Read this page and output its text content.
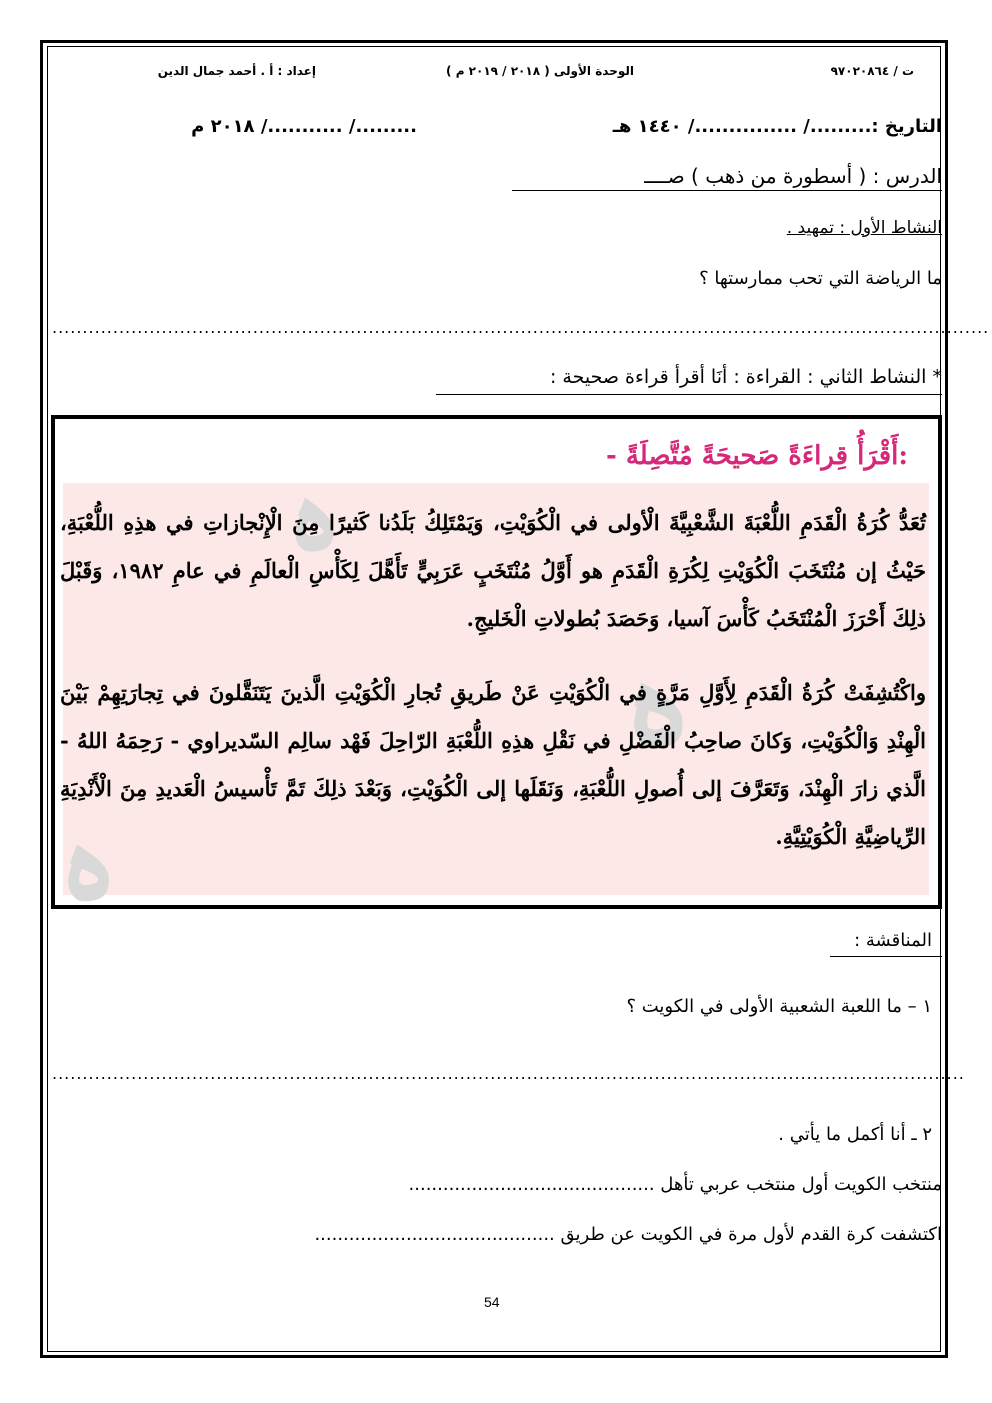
ت / ٩٧٠٢٠٨٦٤
الوحدة الأولى ( ٢٠١٨ / ٢٠١٩ م )
إعداد : أ . أحمد جمال الدين
التاريخ :........./ .............../ ١٤٤٠ هـ
........./ .........../ ٢٠١٨ م
الدرس : ( أسطورة من ذهب ) صــــ
النشاط الأول : تمهيد .
ما الرياضة التي تحب ممارستها ؟
..........................................................................................................................................................
* النشاط الثاني : القراءة : أنَا أقرأ قراءة صحيحة :
ﮦ
ﮦ
ﮦ
- أَقْرَأُ قِراءَةً صَحيحَةً مُتَّصِلَةً:
تُعَدُّ كُرَةُ الْقَدَمِ اللُّعْبَةَ الشَّعْبِيَّةَ الْأولى في الْكُوَيْتِ، وَيَمْتَلِكُ بَلَدُنا كَثيرًا مِنَ الْإِنْجازاتِ في هذِهِ اللُّعْبَةِ، حَيْثُ إن مُنْتَخَبَ الْكُوَيْتِ لِكُرَةِ الْقَدَمِ هو أَوَّلُ مُنْتَخَبٍ عَرَبِيٍّ تَأَهَّلَ لِكَأْسِ الْعالَمِ في عامِ ١٩٨٢، وَقَبْلَ ذلِكَ أَحْرَزَ الْمُنْتَخَبُ كَأْسَ آسيا، وَحَصَدَ بُطولاتِ الْخَليجِ.
واكْتُشِفَتْ كُرَةُ الْقَدَمِ لِأَوَّلِ مَرَّةٍ في الْكُوَيْتِ عَنْ طَريقِ تُجارِ الْكُوَيْتِ الَّذينَ يَتَنَقَّلونَ في تِجارَتِهِمْ بَيْنَ الْهِنْدِ وَالْكُوَيْتِ، وَكانَ صاحِبُ الْفَضْلِ في نَقْلِ هذِهِ اللُّعْبَةِ الرّاحِلَ فَهْد سالِم السّديراوي - رَحِمَهُ اللهُ - الَّذي زارَ الْهِنْدَ، وَتَعَرَّفَ إلى أُصولِ اللُّعْبَةِ، وَنَقَلَها إلى الْكُوَيْتِ، وَبَعْدَ ذلِكَ تَمَّ تَأْسيسُ الْعَديدِ مِنَ الْأَنْدِيَةِ الرِّياضِيَّةِ الْكُوَيْتِيَّةِ.
المناقشة :
١ – ما اللعبة الشعبية الأولى في الكويت ؟
......................................................................................................................................................
٢ ـ أنا أكمل ما يأتي .
منتخب الكويت أول منتخب عربي تأهل ...........................................
اكتشفت كرة القدم لأول مرة في الكويت عن طريق ..........................................
54
